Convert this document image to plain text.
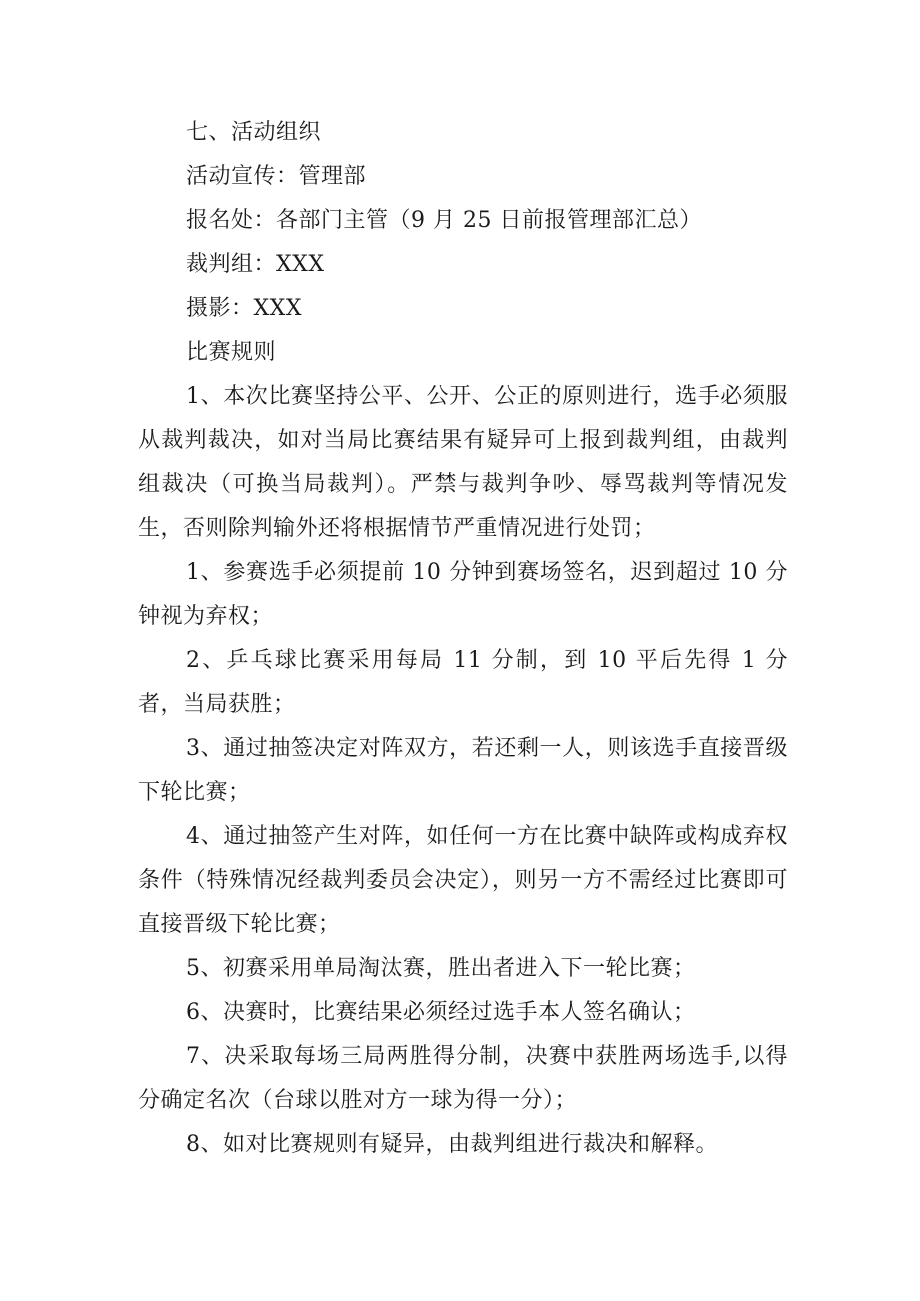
七、活动组织
活动宣传：管理部
报名处：各部门主管（9 月 25 日前报管理部汇总）
裁判组：XXX
摄影：XXX
比赛规则
1、本次比赛坚持公平、公开、公正的原则进行，选手必须服从裁判裁决，如对当局比赛结果有疑异可上报到裁判组，由裁判组裁决（可换当局裁判）。严禁与裁判争吵、辱骂裁判等情况发生，否则除判输外还将根据情节严重情况进行处罚；
1、参赛选手必须提前 10 分钟到赛场签名，迟到超过 10 分钟视为弃权；
2、乒乓球比赛采用每局 11 分制，到 10 平后先得 1 分者，当局获胜；
3、通过抽签决定对阵双方，若还剩一人，则该选手直接晋级下轮比赛；
4、通过抽签产生对阵，如任何一方在比赛中缺阵或构成弃权条件（特殊情况经裁判委员会决定），则另一方不需经过比赛即可直接晋级下轮比赛；
5、初赛采用单局淘汰赛，胜出者进入下一轮比赛；
6、决赛时，比赛结果必须经过选手本人签名确认；
7、决采取每场三局两胜得分制，决赛中获胜两场选手,以得分确定名次（台球以胜对方一球为得一分）；
8、如对比赛规则有疑异，由裁判组进行裁决和解释。
